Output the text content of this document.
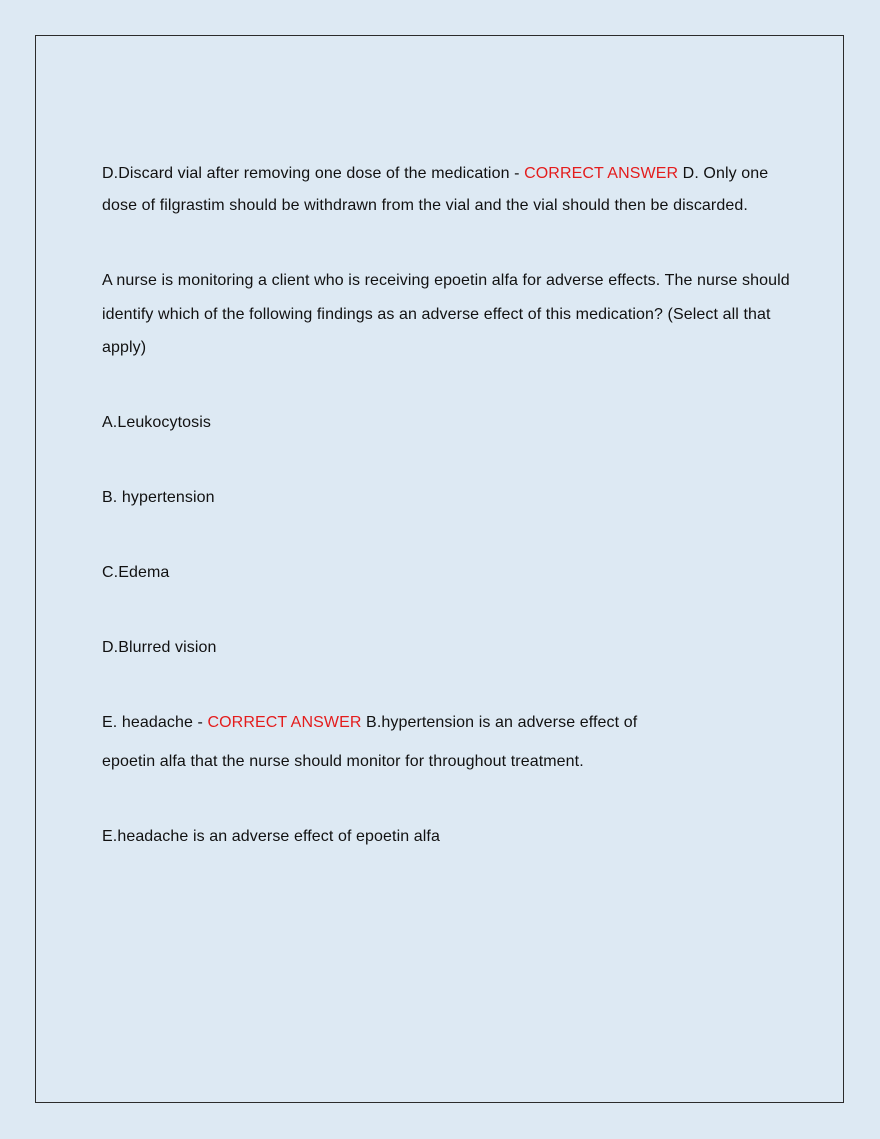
D.Discard vial after removing one dose of the medication - CORRECT ANSWER D. Only one dose of filgrastim should be withdrawn from the vial and the vial should then be discarded.

A nurse is monitoring a client who is receiving epoetin alfa for adverse effects. The nurse should identify which of the following findings as an adverse effect of this medication? (Select all that apply)

A.Leukocytosis

B. hypertension

C.Edema

D.Blurred vision

E. headache - CORRECT ANSWER B.hypertension is an adverse effect of

epoetin alfa that the nurse should monitor for throughout treatment.

E.headache is an adverse effect of epoetin alfa
